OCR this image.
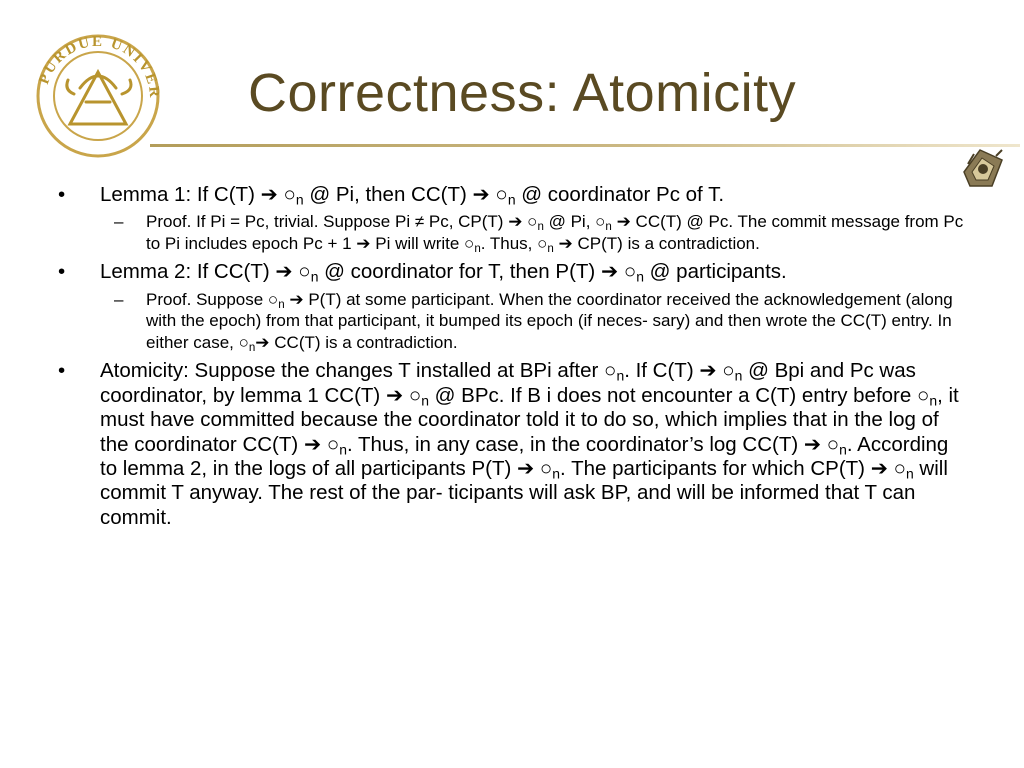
PURDUE UNIVER Correctness: Atomicity
• Lemma 1: If C(T) ➔ $○_n$ @ Pi, then CC(T) ➔ $○_n$ @ coordinator Pc of T.
– Proof. If Pi = Pc, trivial. Suppose Pi ≠ Pc, CP(T) ➔ $○_n$ @ Pi, $○_n$ ➔ CC(T) @ Pc. The commit message from Pc to Pi includes epoch Pc + 1 ➔ Pi will write $○_n$. Thus, $○_n$ ➔ CP(T) is a contradiction.
• Lemma 2: If CC(T) ➔ $○_n$ @ coordinator for T, then P(T) ➔ $○_n$ @ participants.
– Proof. Suppose $○_n$ ➔ P(T) at some participant. When the coordinator received the acknowledgement (along with the epoch) from that participant, it bumped its epoch (if neces- sary) and then wrote the CC(T) entry. In either case, $○_n➔$ CC(T) is a contradiction.
• Atomicity: Suppose the changes T installed at BPi after $○_n$. If C(T) ➔ $○_n$ @ Bpi and Pc was coordinator, by lemma 1 CC(T) ➔ $○_n$ @ BPc. If B i does not encounter a C(T) entry before $○_n$, it must have committed because the coordinator told it to do so, which implies that in the log of the coordinator CC(T) ➔ $○_n$. Thus, in any case, in the coordinator’s log CC(T) ➔ $○_n$. According to lemma 2, in the logs of all participants P(T) ➔ $○_n$. The participants for which CP(T) ➔ $○_n$ will commit T anyway. The rest of the par- ticipants will ask BP, and will be informed that T can commit.
